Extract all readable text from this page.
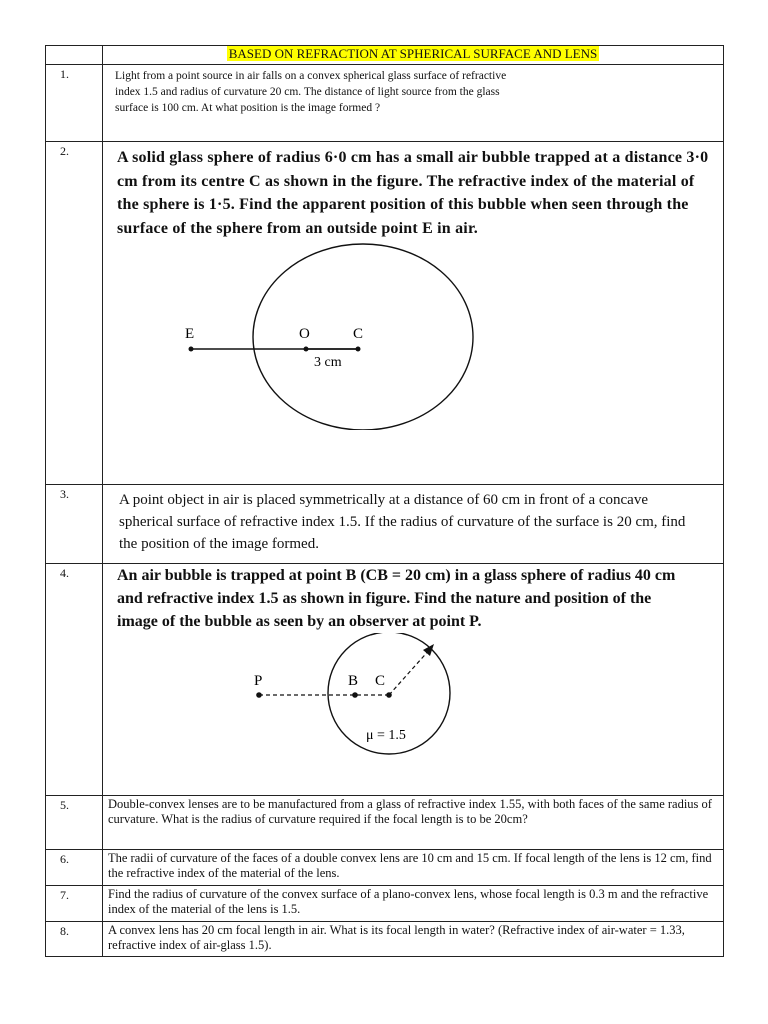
	BASED ON REFRACTION AT SPHERICAL SURFACE AND LENS
1.	Light from a point source in air falls on a convex spherical glass surface of refractive index 1.5 and radius of curvature 20 cm. The distance of light source from the glass surface is 100 cm. At what position is the image formed ?

2.	A solid glass sphere of radius 6·0 cm has a small air bubble trapped at a distance 3·0 cm from its centre C as shown in the figure. The refractive index of the material of the sphere is 1·5. Find the apparent position of this bubble when seen through the surface of the sphere from an outside point E in air.
E O C
3 cm

3.	A point object in air is placed symmetrically at a distance of 60 cm in front of a concave spherical surface of refractive index 1.5. If the radius of curvature of the surface is 20 cm, find the position of the image formed.

4.	An air bubble is trapped at point B (CB = 20 cm) in a glass sphere of radius 40 cm and refractive index 1.5 as shown in figure. Find the nature and position of the image of the bubble as seen by an observer at point P.
P B C
μ = 1.5

5.	Double-convex lenses are to be manufactured from a glass of refractive index 1.55, with both faces of the same radius of curvature. What is the radius of curvature required if the focal length is to be 20cm?

6.	The radii of curvature of the faces of a double convex lens are 10 cm and 15 cm. If focal length of the lens is 12 cm, find the refractive index of the material of the lens.

7.	Find the radius of curvature of the convex surface of a plano-convex lens, whose focal length is 0.3 m and the refractive index of the material of the lens is 1.5.

8.	A convex lens has 20 cm focal length in air. What is its focal length in water? (Refractive index of air-water = 1.33, refractive index of air-glass 1.5).
